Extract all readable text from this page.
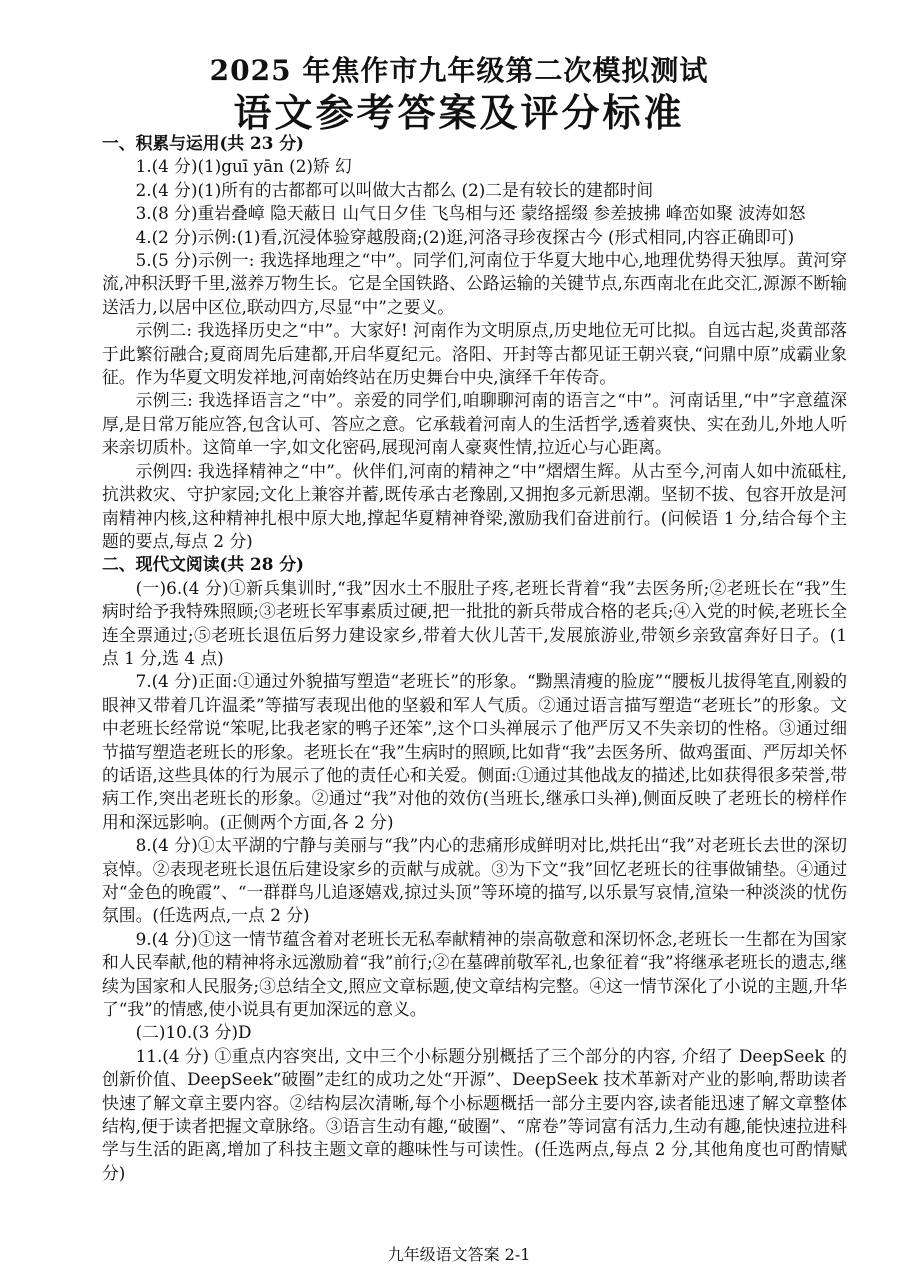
2025 年焦作市九年级第二次模拟测试
语文参考答案及评分标准

一、积累与运用(共 23 分)

1.(4 分)(1)guī yān (2)矫 幻

2.(4 分)(1)所有的古都都可以叫做大古都么 (2)二是有较长的建都时间

3.(8 分)重岩叠嶂 隐天蔽日 山气日夕佳 飞鸟相与还 蒙络摇缀 参差披拂 峰峦如聚 波涛如怒

4.(2 分)示例:(1)看,沉浸体验穿越殷商;(2)逛,河洛寻珍夜探古今 (形式相同,内容正确即可)

5.(5 分)示例一: 我选择地理之“中”。同学们,河南位于华夏大地中心,地理优势得天独厚。黄河穿流,冲积沃野千里,滋养万物生长。它是全国铁路、公路运输的关键节点,东西南北在此交汇,源源不断输送活力,以居中区位,联动四方,尽显“中”之要义。

示例二: 我选择历史之“中”。大家好! 河南作为文明原点,历史地位无可比拟。自远古起,炎黄部落于此繁衍融合;夏商周先后建都,开启华夏纪元。洛阳、开封等古都见证王朝兴衰,“问鼎中原”成霸业象征。作为华夏文明发祥地,河南始终站在历史舞台中央,演绎千年传奇。

示例三: 我选择语言之“中”。亲爱的同学们,咱聊聊河南的语言之“中”。河南话里,“中”字意蕴深厚,是日常万能应答,包含认可、答应之意。它承载着河南人的生活哲学,透着爽快、实在劲儿,外地人听来亲切质朴。这简单一字,如文化密码,展现河南人豪爽性情,拉近心与心距离。

示例四: 我选择精神之“中”。伙伴们,河南的精神之“中”熠熠生辉。从古至今,河南人如中流砥柱,抗洪救灾、守护家园;文化上兼容并蓄,既传承古老豫剧,又拥抱多元新思潮。坚韧不拔、包容开放是河南精神内核,这种精神扎根中原大地,撑起华夏精神脊梁,激励我们奋进前行。(问候语 1 分,结合每个主题的要点,每点 2 分)

二、现代文阅读(共 28 分)

(一)6.(4 分)①新兵集训时,“我”因水土不服肚子疼,老班长背着“我”去医务所;②老班长在“我”生病时给予我特殊照顾;③老班长军事素质过硬,把一批批的新兵带成合格的老兵;④入党的时候,老班长全连全票通过;⑤老班长退伍后努力建设家乡,带着大伙儿苦干,发展旅游业,带领乡亲致富奔好日子。(1 点 1 分,选 4 点)

7.(4 分)正面:①通过外貌描写塑造“老班长”的形象。“黝黑清瘦的脸庞”“腰板儿拔得笔直,刚毅的眼神又带着几许温柔”等描写表现出他的坚毅和军人气质。②通过语言描写塑造“老班长”的形象。文中老班长经常说“笨呢,比我老家的鸭子还笨”,这个口头禅展示了他严厉又不失亲切的性格。③通过细节描写塑造老班长的形象。老班长在“我”生病时的照顾,比如背“我”去医务所、做鸡蛋面、严厉却关怀的话语,这些具体的行为展示了他的责任心和关爱。侧面:①通过其他战友的描述,比如获得很多荣誉,带病工作,突出老班长的形象。②通过“我”对他的效仿(当班长,继承口头禅),侧面反映了老班长的榜样作用和深远影响。(正侧两个方面,各 2 分)

8.(4 分)①太平湖的宁静与美丽与“我”内心的悲痛形成鲜明对比,烘托出“我”对老班长去世的深切哀悼。②表现老班长退伍后建设家乡的贡献与成就。③为下文“我”回忆老班长的往事做铺垫。④通过对“金色的晚霞”、“一群群鸟儿追逐嬉戏,掠过头顶”等环境的描写,以乐景写哀情,渲染一种淡淡的忧伤氛围。(任选两点,一点 2 分)

9.(4 分)①这一情节蕴含着对老班长无私奉献精神的崇高敬意和深切怀念,老班长一生都在为国家和人民奉献,他的精神将永远激励着“我”前行;②在墓碑前敬军礼,也象征着“我”将继承老班长的遗志,继续为国家和人民服务;③总结全文,照应文章标题,使文章结构完整。④这一情节深化了小说的主题,升华了“我”的情感,使小说具有更加深远的意义。

(二)10.(3 分)D

11.(4 分) ①重点内容突出, 文中三个小标题分别概括了三个部分的内容, 介绍了 DeepSeek 的创新价值、DeepSeek“破圈”走红的成功之处“开源”、DeepSeek 技术革新对产业的影响,帮助读者快速了解文章主要内容。②结构层次清晰,每个小标题概括一部分主要内容,读者能迅速了解文章整体结构,便于读者把握文章脉络。③语言生动有趣,“破圈”、“席卷”等词富有活力,生动有趣,能快速拉进科学与生活的距离,增加了科技主题文章的趣味性与可读性。(任选两点,每点 2 分,其他角度也可酌情赋分)

九年级语文答案 2-1
